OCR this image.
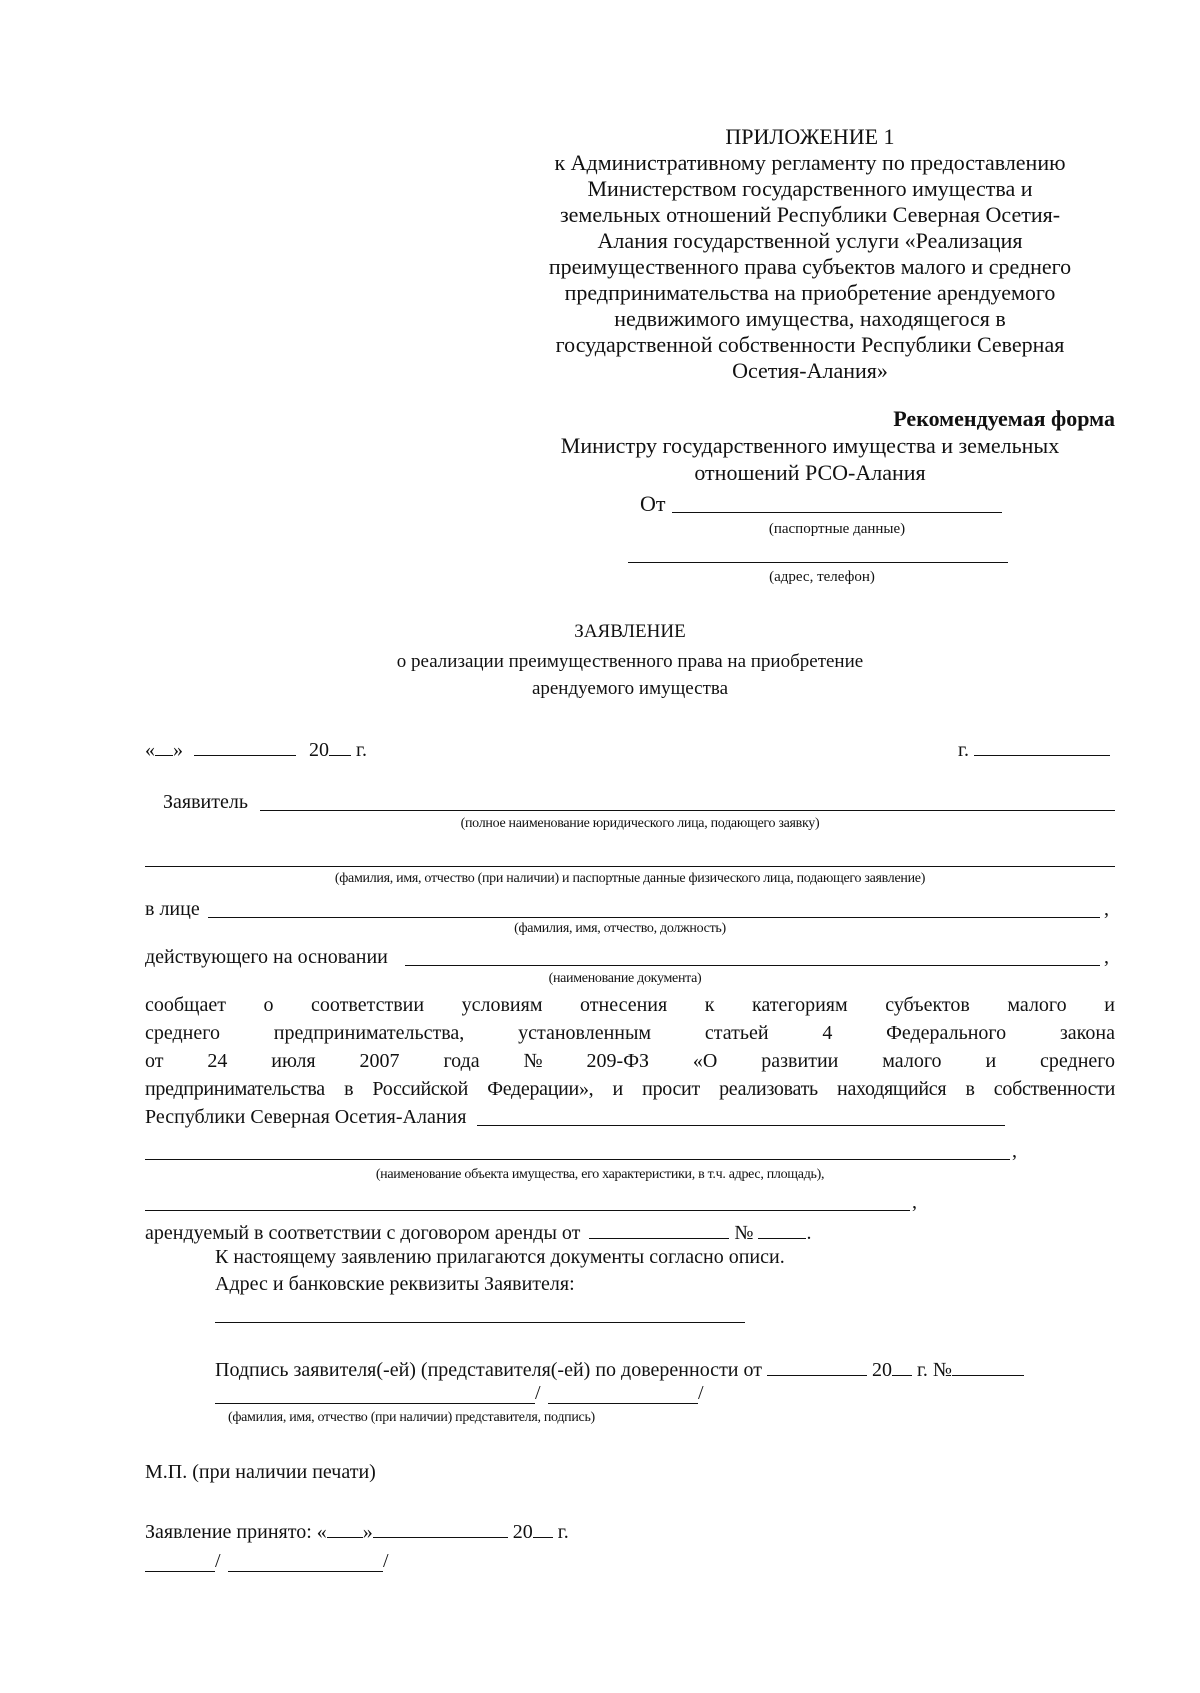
ПРИЛОЖЕНИЕ 1
к Административному регламенту по предоставлению
Министерством государственного имущества и
земельных отношений Республики Северная Осетия-
Алания государственной услуги «Реализация
преимущественного права субъектов малого и среднего
предпринимательства на приобретение арендуемого
недвижимого имущества, находящегося в
государственной собственности Республики Северная
Осетия-Алания»
Рекомендуемая форма
Министру государственного имущества и земельных
отношений РСО-Алания
От
(паспортные данные)
(адрес, телефон)
ЗАЯВЛЕНИЕ
о реализации преимущественного права на приобретение
арендуемого имущества
« »	20 г.	г.
Заявитель
(полное наименование юридического лица, подающего заявку)
(фамилия, имя, отчество (при наличии) и паспортные данные физического лица, подающего заявление)
в лице	,
(фамилия, имя, отчество, должность)
действующего на основании	,
(наименование документа)
сообщает о соответствии условиям отнесения к категориям субъектов малого и
среднего	предпринимательства,	установленным	статьей	4	Федерального	закона
от 24 июля 2007 года № 209-ФЗ «О развитии малого и среднего
предпринимательства в Российской Федерации», и просит реализовать находящийся в собственности
Республики Северная Осетия-Алания
,
(наименование объекта имущества, его характеристики, в т.ч. адрес, площадь),
,
арендуемый в соответствии с договором аренды от	№	.
К настоящему заявлению прилагаются документы согласно описи.
Адрес и банковские реквизиты Заявителя:
Подпись заявителя(-ей) (представителя(-ей) по доверенности от	20 г. №
/	/
(фамилия, имя, отчество (при наличии) представителя, подпись)
М.П. (при наличии печати)
Заявление принято: « »	20 г.
/	/
